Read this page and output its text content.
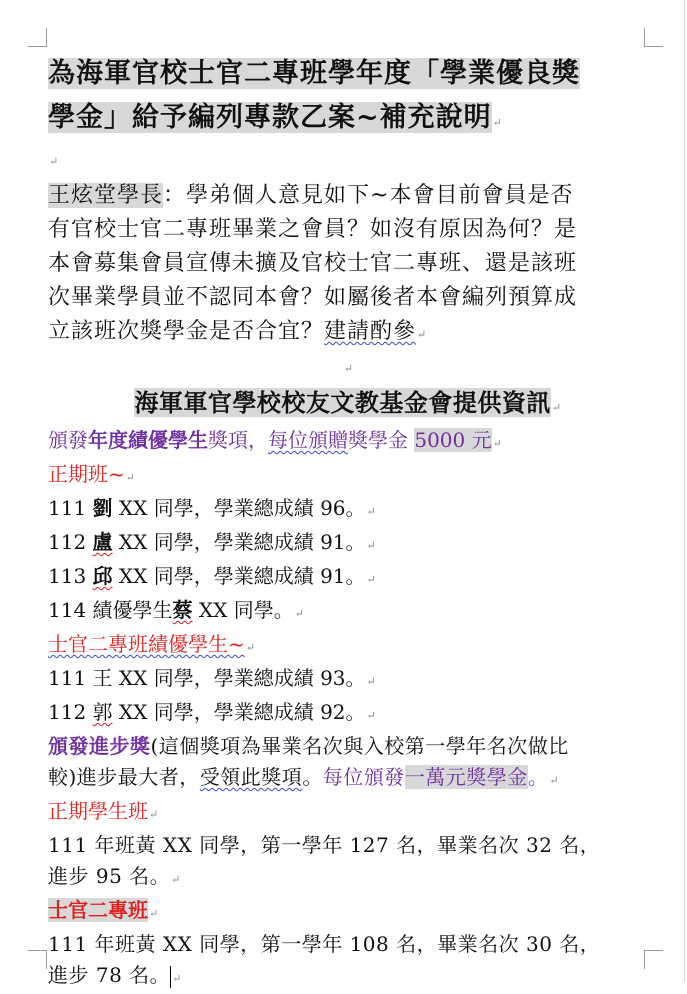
為海軍官校士官二專班學年度「學業優良獎
學金」給予編列專款乙案~補充說明↵

↵

王炫堂學長：學弟個人意見如下~本會目前會員是否
有官校士官二專班畢業之會員？如沒有原因為何？是
本會募集會員宣傳未擴及官校士官二專班、還是該班
次畢業學員並不認同本會？如屬後者本會編列預算成
立該班次獎學金是否合宜？建請酌參↵

↵

海軍軍官學校校友文教基金會提供資訊↵

頒發年度績優學生獎項，每位頒贈獎學金 5000 元↵

正期班~↵

111 劉 XX 同學，學業總成績 96。↵

112 盧 XX 同學，學業總成績 91。↵

113 邱 XX 同學，學業總成績 91。↵

114 績優學生蔡 XX 同學。↵

士官二專班績優學生~↵

111 王 XX 同學，學業總成績 93。↵

112 郭 XX 同學，學業總成績 92。↵

頒發進步獎(這個獎項為畢業名次與入校第一學年名次做比
較)進步最大者，受領此獎項。每位頒發一萬元獎學金。↵

正期學生班↵

111 年班黃 XX 同學，第一學年 127 名，畢業名次 32 名，
進步 95 名。↵

士官二專班↵

111 年班黃 XX 同學，第一學年 108 名，畢業名次 30 名，
進步 78 名。 ↵
